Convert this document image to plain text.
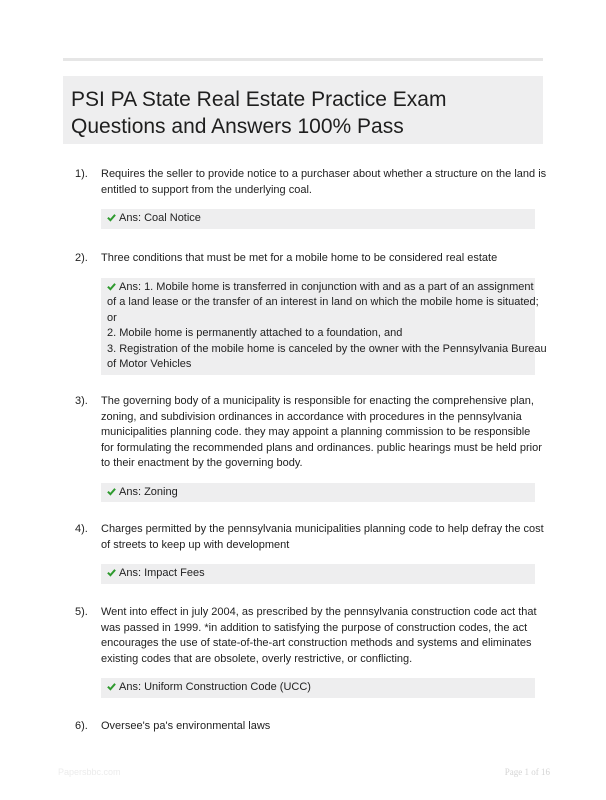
PSI PA State Real Estate Practice Exam
Questions and Answers 100% Pass
1).	Requires the seller to provide notice to a purchaser about whether a structure on the land is
entitled to support from the underlying coal.
Ans: Coal Notice
2).	Three conditions that must be met for a mobile home to be considered real estate
Ans: 1. Mobile home is transferred in conjunction with and as a part of an assignment
of a land lease or the transfer of an interest in land on which the mobile home is situated;
or
2. Mobile home is permanently attached to a foundation, and
3. Registration of the mobile home is canceled by the owner with the Pennsylvania Bureau
of Motor Vehicles
3).	The governing body of a municipality is responsible for enacting the comprehensive plan,
zoning, and subdivision ordinances in accordance with procedures in the pennsylvania
municipalities planning code. they may appoint a planning commission to be responsible
for formulating the recommended plans and ordinances. public hearings must be held prior
to their enactment by the governing body.
Ans: Zoning
4).	Charges permitted by the pennsylvania municipalities planning code to help defray the cost
of streets to keep up with development
Ans: Impact Fees
5).	Went into effect in july 2004, as prescribed by the pennsylvania construction code act that
was passed in 1999. *in addition to satisfying the purpose of construction codes, the act
encourages the use of state-of-the-art construction methods and systems and eliminates
existing codes that are obsolete, overly restrictive, or conflicting.
Ans: Uniform Construction Code (UCC)
6).	Oversee's pa's environmental laws
Papersbbc.com	Page 1 of 16
